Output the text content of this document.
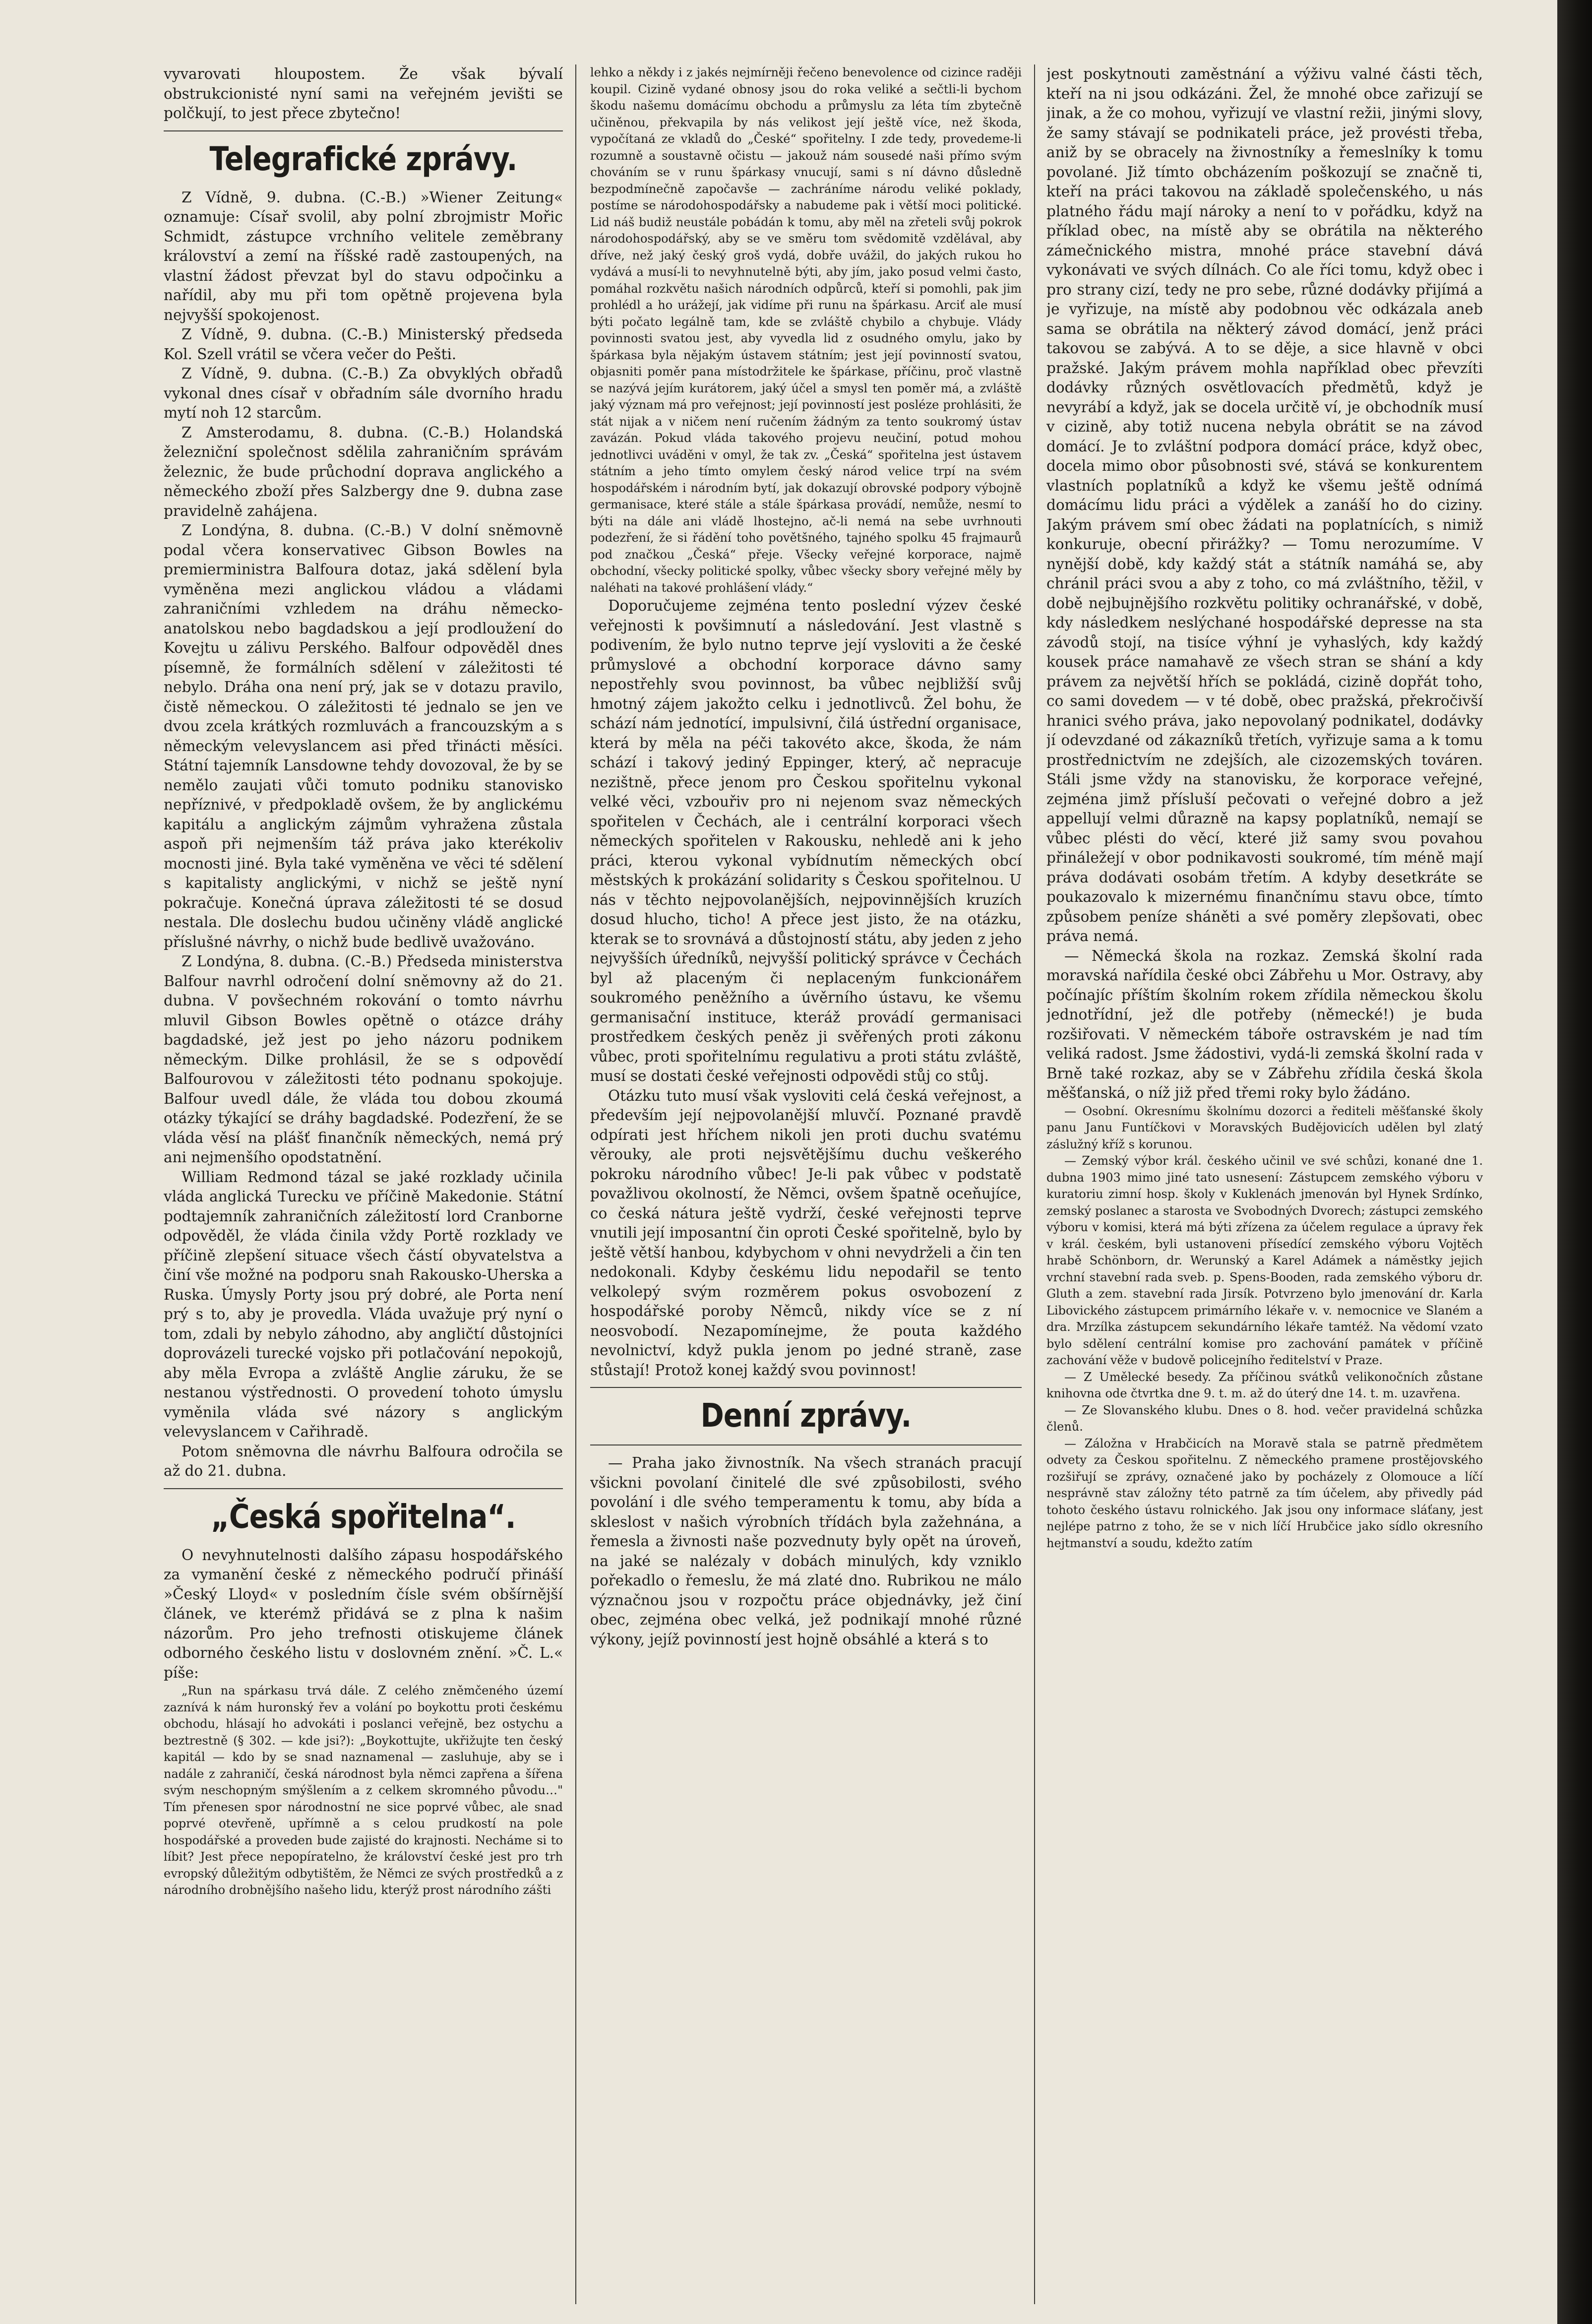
vyvarovati hloupostem. Že však bývalí obstrukcionisté nyní sami na veřejném jevišti se polčkují, to jest přece zbytečno!

Telegrafické zprávy.

Z Vídně, 9. dubna. (C.-B.) »Wiener Zeitung« oznamuje: Císař svolil, aby polní zbrojmistr Mořic Schmidt, zástupce vrchního velitele zeměbrany království a zemí na říšské radě zastoupených, na vlastní žádost převzat byl do stavu odpočinku a nařídil, aby mu při tom opětně projevena byla nejvyšší spokojenost.

Z Vídně, 9. dubna. (C.-B.) Ministerský předseda Kol. Szell vrátil se včera večer do Pešti.

Z Vídně, 9. dubna. (C.-B.) Za obvyklých obřadů vykonal dnes císař v obřadním sále dvorního hradu mytí noh 12 starcům.

Z Amsterodamu, 8. dubna. (C.-B.) Holandská železniční společnost sdělila zahraničním správám železnic, že bude průchodní doprava anglického a německého zboží přes Salzbergy dne 9. dubna zase pravidelně zahájena.

Z Londýna, 8. dubna. (C.-B.) V dolní sněmovně podal včera konservativec Gibson Bowles na premierministra Balfoura dotaz, jaká sdělení byla vyměněna mezi anglickou vládou a vládami zahraničními vzhledem na dráhu německo-anatolskou nebo bagdadskou a její prodloužení do Kovejtu u zálivu Perského. Balfour odpověděl dnes písemně, že formálních sdělení v záležitosti té nebylo. Dráha ona není prý, jak se v dotazu pravilo, čistě německou. O záležitosti té jednalo se jen ve dvou zcela krátkých rozmluvách a francouzským a s německým velevyslancem asi před třinácti měsíci. Státní tajemník Lansdowne tehdy dovozoval, že by se nemělo zaujati vůči tomuto podniku stanovisko nepříznivé, v předpokladě ovšem, že by anglickému kapitálu a anglickým zájmům vyhražena zůstala aspoň při nejmenším táž práva jako kterékoliv mocnosti jiné. Byla také vyměněna ve věci té sdělení s kapitalisty anglickými, v nichž se ještě nyní pokračuje. Konečná úprava záležitosti té se dosud nestala. Dle doslechu budou učiněny vládě anglické příslušné návrhy, o nichž bude bedlivě uvažováno.

Z Londýna, 8. dubna. (C.-B.) Předseda ministerstva Balfour navrhl odročení dolní sněmovny až do 21. dubna. V povšechném rokování o tomto návrhu mluvil Gibson Bowles opětně o otázce dráhy bagdadské, jež jest po jeho názoru podnikem německým. Dilke prohlásil, že se s odpovědí Balfourovou v záležitosti této podnanu spokojuje. Balfour uvedl dále, že vláda tou dobou zkoumá otázky týkající se dráhy bagdadské. Podezření, že se vláda věsí na plášť finančník německých, nemá prý ani nejmenšího opodstatnění.

William Redmond tázal se jaké rozklady učinila vláda anglická Turecku ve příčině Makedonie. Státní podtajemník zahraničních záležitostí lord Cranborne odpověděl, že vláda činila vždy Portě rozklady ve příčině zlepšení situace všech částí obyvatelstva a činí vše možné na podporu snah Rakousko-Uherska a Ruska. Úmysly Porty jsou prý dobré, ale Porta není prý s to, aby je provedla. Vláda uvažuje prý nyní o tom, zdali by nebylo záhodno, aby angličtí důstojníci doprovázeli turecké vojsko při potlačování nepokojů, aby měla Evropa a zvláště Anglie záruku, že se nestanou výstřednosti. O provedení tohoto úmyslu vyměnila vláda své názory s anglickým velevyslancem v Cařihradě.

Potom sněmovna dle návrhu Balfoura odročila se až do 21. dubna.

„Česká spořitelna“.

O nevyhnutelnosti dalšího zápasu hospodářského za vymanění české z německého područí přináší »Český Lloyd« v posledním čísle svém obšírnější článek, ve kterémž přidává se z plna k našim názorům. Pro jeho trefnosti otiskujeme článek odborného českého listu v doslovném znění. »Č. L.« píše:

„Run na spárkasu trvá dále. Z celého zněmčeného území zaznívá k nám huronský řev a volání po boykottu proti českému obchodu, hlásají ho advokáti i poslanci veřejně, bez ostychu a beztrestně (§ 302. — kde jsi?): „Boykottujte, ukřižujte ten český kapitál — kdo by se snad naznamenal — zasluhuje, aby se i nadále z zahraničí, česká národnost byla němci zapřena a šířena svým neschopným smýšlením a z celkem skromného původu…" Tím přenesen spor národnostní ne sice poprvé vůbec, ale snad poprvé otevřeně, upřímně a s celou prudkostí na pole hospodářské a proveden bude zajisté do krajnosti. Necháme si to líbit? Jest přece nepopíratelno, že království české jest pro trh evropský důležitým odbytištěm, že Němci ze svých prostředků a z národního drobnějšího našeho lidu, kterýž prost národního zášti

lehko a někdy i z jakés nejmírněji řečeno benevolence od cizince raději koupil. Cizině vydané obnosy jsou do roka veliké a sečtli-li bychom škodu našemu domácímu obchodu a průmyslu za léta tím zbytečně učiněnou, překvapila by nás velikost její ještě více, než škoda, vypočítaná ze vkladů do „České“ spořitelny. I zde tedy, provedeme-li rozumně a soustavně očistu — jakouž nám sousedé naši přímo svým chováním se v runu špárkasy vnucují, sami s ní dávno důsledně bezpodmínečně započavše — zachráníme národu veliké poklady, postíme se národohospodářsky a nabudeme pak i větší moci politické. Lid náš budiž neustále pobádán k tomu, aby měl na zřeteli svůj pokrok národohospodářský, aby se ve směru tom svědomitě vzdělával, aby dříve, než jaký český groš vydá, dobře uvážil, do jakých rukou ho vydává a musí-li to nevyhnutelně býti, aby jím, jako posud velmi často, pomáhal rozkvětu našich národních odpůrců, kteří si pomohli, pak jim prohlédl a ho urážejí, jak vidíme při runu na špárkasu. Arciť ale musí býti počato legálně tam, kde se zvláště chybilo a chybuje. Vlády povinnosti svatou jest, aby vyvedla lid z osudného omylu, jako by špárkasa byla nějakým ústavem státním; jest její povinností svatou, objasniti poměr pana místodržitele ke špárkase, příčinu, proč vlastně se nazývá jejím kurátorem, jaký účel a smysl ten poměr má, a zvláště jaký význam má pro veřejnost; její povinností jest posléze prohlásiti, že stát nijak a v ničem není ručením žádným za tento soukromý ústav zavázán. Pokud vláda takového projevu neučiní, potud mohou jednotlivci uváděni v omyl, že tak zv. „Česká“ spořitelna jest ústavem státním a jeho tímto omylem český národ velice trpí na svém hospodářském i národním bytí, jak dokazují obrovské podpory výbojně germanisace, které stále a stále špárkasa provádí, nemůže, nesmí to býti na dále ani vládě lhostejno, ač-li nemá na sebe uvrhnouti podezření, že si řádění toho povětšného, tajného spolku 45 frajmaurů pod značkou „Česká“ přeje. Všecky veřejné korporace, najmě obchodní, všecky politické spolky, vůbec všecky sbory veřejné měly by naléhati na takové prohlášení vlády.“

Doporučujeme zejména tento poslední výzev české veřejnosti k povšimnutí a následování. Jest vlastně s podivením, že bylo nutno teprve její vysloviti a že české průmyslové a obchodní korporace dávno samy nepostřehly svou povinnost, ba vůbec nejbližší svůj hmotný zájem jakožto celku i jednotlivců. Žel bohu, že schází nám jednotící, impulsivní, čilá ústřední organisace, která by měla na péči takovéto akce, škoda, že nám schází i takový jediný Eppinger, který, ač nepracuje nezištně, přece jenom pro Českou spořitelnu vykonal velké věci, vzbouřiv pro ni nejenom svaz německých spořitelen v Čechách, ale i centrální korporaci všech německých spořitelen v Rakousku, nehledě ani k jeho práci, kterou vykonal vybídnutím německých obcí městských k prokázání solidarity s Českou spořitelnou. U nás v těchto nejpovolanějších, nejpovinnějších kruzích dosud hlucho, ticho! A přece jest jisto, že na otázku, kterak se to srovnává a důstojností státu, aby jeden z jeho nejvyšších úředníků, nejvyšší politický správce v Čechách byl až placeným či neplaceným funkcionářem soukromého peněžního a úvěrního ústavu, ke všemu germanisační instituce, kteráž provádí germanisaci prostředkem českých peněz ji svěřených proti zákonu vůbec, proti spořitelnímu regulativu a proti státu zvláště, musí se dostati české veřejnosti odpovědi stůj co stůj.

Otázku tuto musí však vysloviti celá česká veřejnost, a především její nejpovolanější mluvčí. Poznané pravdě odpírati jest hříchem nikoli jen proti duchu svatému věrouky, ale proti nejsvětějšímu duchu veškerého pokroku národního vůbec! Je-li pak vůbec v podstatě považlivou okolností, že Němci, ovšem špatně oceňujíce, co česká nátura ještě vydrží, české veřejnosti teprve vnutili její imposantní čin oproti České spořitelně, bylo by ještě větší hanbou, kdybychom v ohni nevydrželi a čin ten nedokonali. Kdyby českému lidu nepodařil se tento velkolepý svým rozměrem pokus osvobození z hospodářské poroby Němců, nikdy více se z ní neosvobodí. Nezapomínejme, že pouta každého nevolnictví, když pukla jenom po jedné straně, zase stůstají! Protož konej každý svou povinnost!

Denní zprávy.

— Praha jako živnostník. Na všech stranách pracují všickni povolaní činitelé dle své způsobilosti, svého povolání i dle svého temperamentu k tomu, aby bída a skleslost v našich výrobních třídách byla zažehnána, a řemesla a živnosti naše pozvednuty byly opět na úroveň, na jaké se nalézaly v dobách minulých, kdy vzniklo pořekadlo o řemeslu, že má zlaté dno. Rubrikou ne málo význačnou jsou v rozpočtu práce objednávky, jež činí obec, zejména obec velká, jež podnikají mnohé různé výkony, jejíž povinností jest hojně obsáhlé a která s to

jest poskytnouti zaměstnání a výživu valné části těch, kteří na ni jsou odkázáni. Žel, že mnohé obce zařizují se jinak, a že co mohou, vyřizují ve vlastní režii, jinými slovy, že samy stávají se podnikateli práce, jež provésti třeba, aniž by se obracely na živnostníky a řemeslníky k tomu povolané. Již tímto obcházením poškozují se značně ti, kteří na práci takovou na základě společenského, u nás platného řádu mají nároky a není to v pořádku, když na příklad obec, na místě aby se obrátila na některého zámečnického mistra, mnohé práce stavební dává vykonávati ve svých dílnách. Co ale říci tomu, když obec i pro strany cizí, tedy ne pro sebe, různé dodávky přijímá a je vyřizuje, na místě aby podobnou věc odkázala aneb sama se obrátila na některý závod domácí, jenž práci takovou se zabývá. A to se děje, a sice hlavně v obci pražské. Jakým právem mohla například obec převzíti dodávky různých osvětlovacích předmětů, když je nevyrábí a když, jak se docela určitě ví, je obchodník musí v cizině, aby totiž nucena nebyla obrátit se na závod domácí. Je to zvláštní podpora domácí práce, když obec, docela mimo obor působnosti své, stává se konkurentem vlastních poplatníků a když ke všemu ještě odnímá domácímu lidu práci a výdělek a zanáší ho do ciziny. Jakým právem smí obec žádati na poplatnících, s nimiž konkuruje, obecní přirážky? — Tomu nerozumíme. V nynější době, kdy každý stát a státník namáhá se, aby chránil práci svou a aby z toho, co má zvláštního, těžil, v době nejbujnějšího rozkvětu politiky ochranářské, v době, kdy následkem neslýchané hospodářské depresse na sta závodů stojí, na tisíce výhní je vyhaslých, kdy každý kousek práce namahavě ze všech stran se shání a kdy právem za největší hřích se pokládá, cizině dopřát toho, co sami dovedem — v té době, obec pražská, překročivší hranici svého práva, jako nepovolaný podnikatel, dodávky jí odevzdané od zákazníků třetích, vyřizuje sama a k tomu prostřednictvím ne zdejších, ale cizozemských továren. Stáli jsme vždy na stanovisku, že korporace veřejné, zejména jimž přísluší pečovati o veřejné dobro a jež appellují velmi důrazně na kapsy poplatníků, nemají se vůbec plésti do věcí, které již samy svou povahou přináležejí v obor podnikavosti soukromé, tím méně mají práva dodávati osobám třetím. A kdyby desetkráte se poukazovalo k mizernému finančnímu stavu obce, tímto způsobem peníze sháněti a své poměry zlepšovati, obec práva nemá.

— Německá škola na rozkaz. Zemská školní rada moravská nařídila české obci Zábřehu u Mor. Ostravy, aby počínajíc příštím školním rokem zřídila německou školu jednotřídní, jež dle potřeby (německé!) je buda rozšiřovati. V německém táboře ostravském je nad tím veliká radost. Jsme žádostivi, vydá-li zemská školní rada v Brně také rozkaz, aby se v Zábřehu zřídila česká škola měšťanská, o níž již před třemi roky bylo žádáno.

— Osobní. Okresnímu školnímu dozorci a řediteli měšťanské školy panu Janu Funtíčkovi v Moravských Budějovicích udělen byl zlatý záslužný kříž s korunou.

— Zemský výbor král. českého učinil ve své schůzi, konané dne 1. dubna 1903 mimo jiné tato usnesení: Zástupcem zemského výboru v kuratoriu zimní hosp. školy v Kuklenách jmenován byl Hynek Srdínko, zemský poslanec a starosta ve Svobodných Dvorech; zástupci zemského výboru v komisi, která má býti zřízena za účelem regulace a úpravy řek v král. českém, byli ustanoveni přísedící zemského výboru Vojtěch hrabě Schönborn, dr. Werunský a Karel Adámek a náměstky jejich vrchní stavební rada sveb. p. Spens-Booden, rada zemského výboru dr. Gluth a zem. stavební rada Jirsík. Potvrzeno bylo jmenování dr. Karla Libovického zástupcem primárního lékaře v. v. nemocnice ve Slaném a dra. Mrzílka zástupcem sekundárního lékaře tamtéž. Na vědomí vzato bylo sdělení centrální komise pro zachování památek v příčině zachování věže v budově policejního ředitelství v Praze.

— Z Umělecké besedy. Za příčinou svátků velikonočních zůstane knihovna ode čtvrtka dne 9. t. m. až do úterý dne 14. t. m. uzavřena.

— Ze Slovanského klubu. Dnes o 8. hod. večer pravidelná schůzka členů.

— Záložna v Hrabčicích na Moravě stala se patrně předmětem odvety za Českou spořitelnu. Z německého pramene prostějovského rozšiřují se zprávy, označené jako by pocházely z Olomouce a líčí nesprávně stav záložny této patrně za tím účelem, aby přivedly pád tohoto českého ústavu rolnického. Jak jsou ony informace sláťany, jest nejlépe patrno z toho, že se v nich líčí Hrubčice jako sídlo okresního hejtmanství a soudu, kdežto zatím
